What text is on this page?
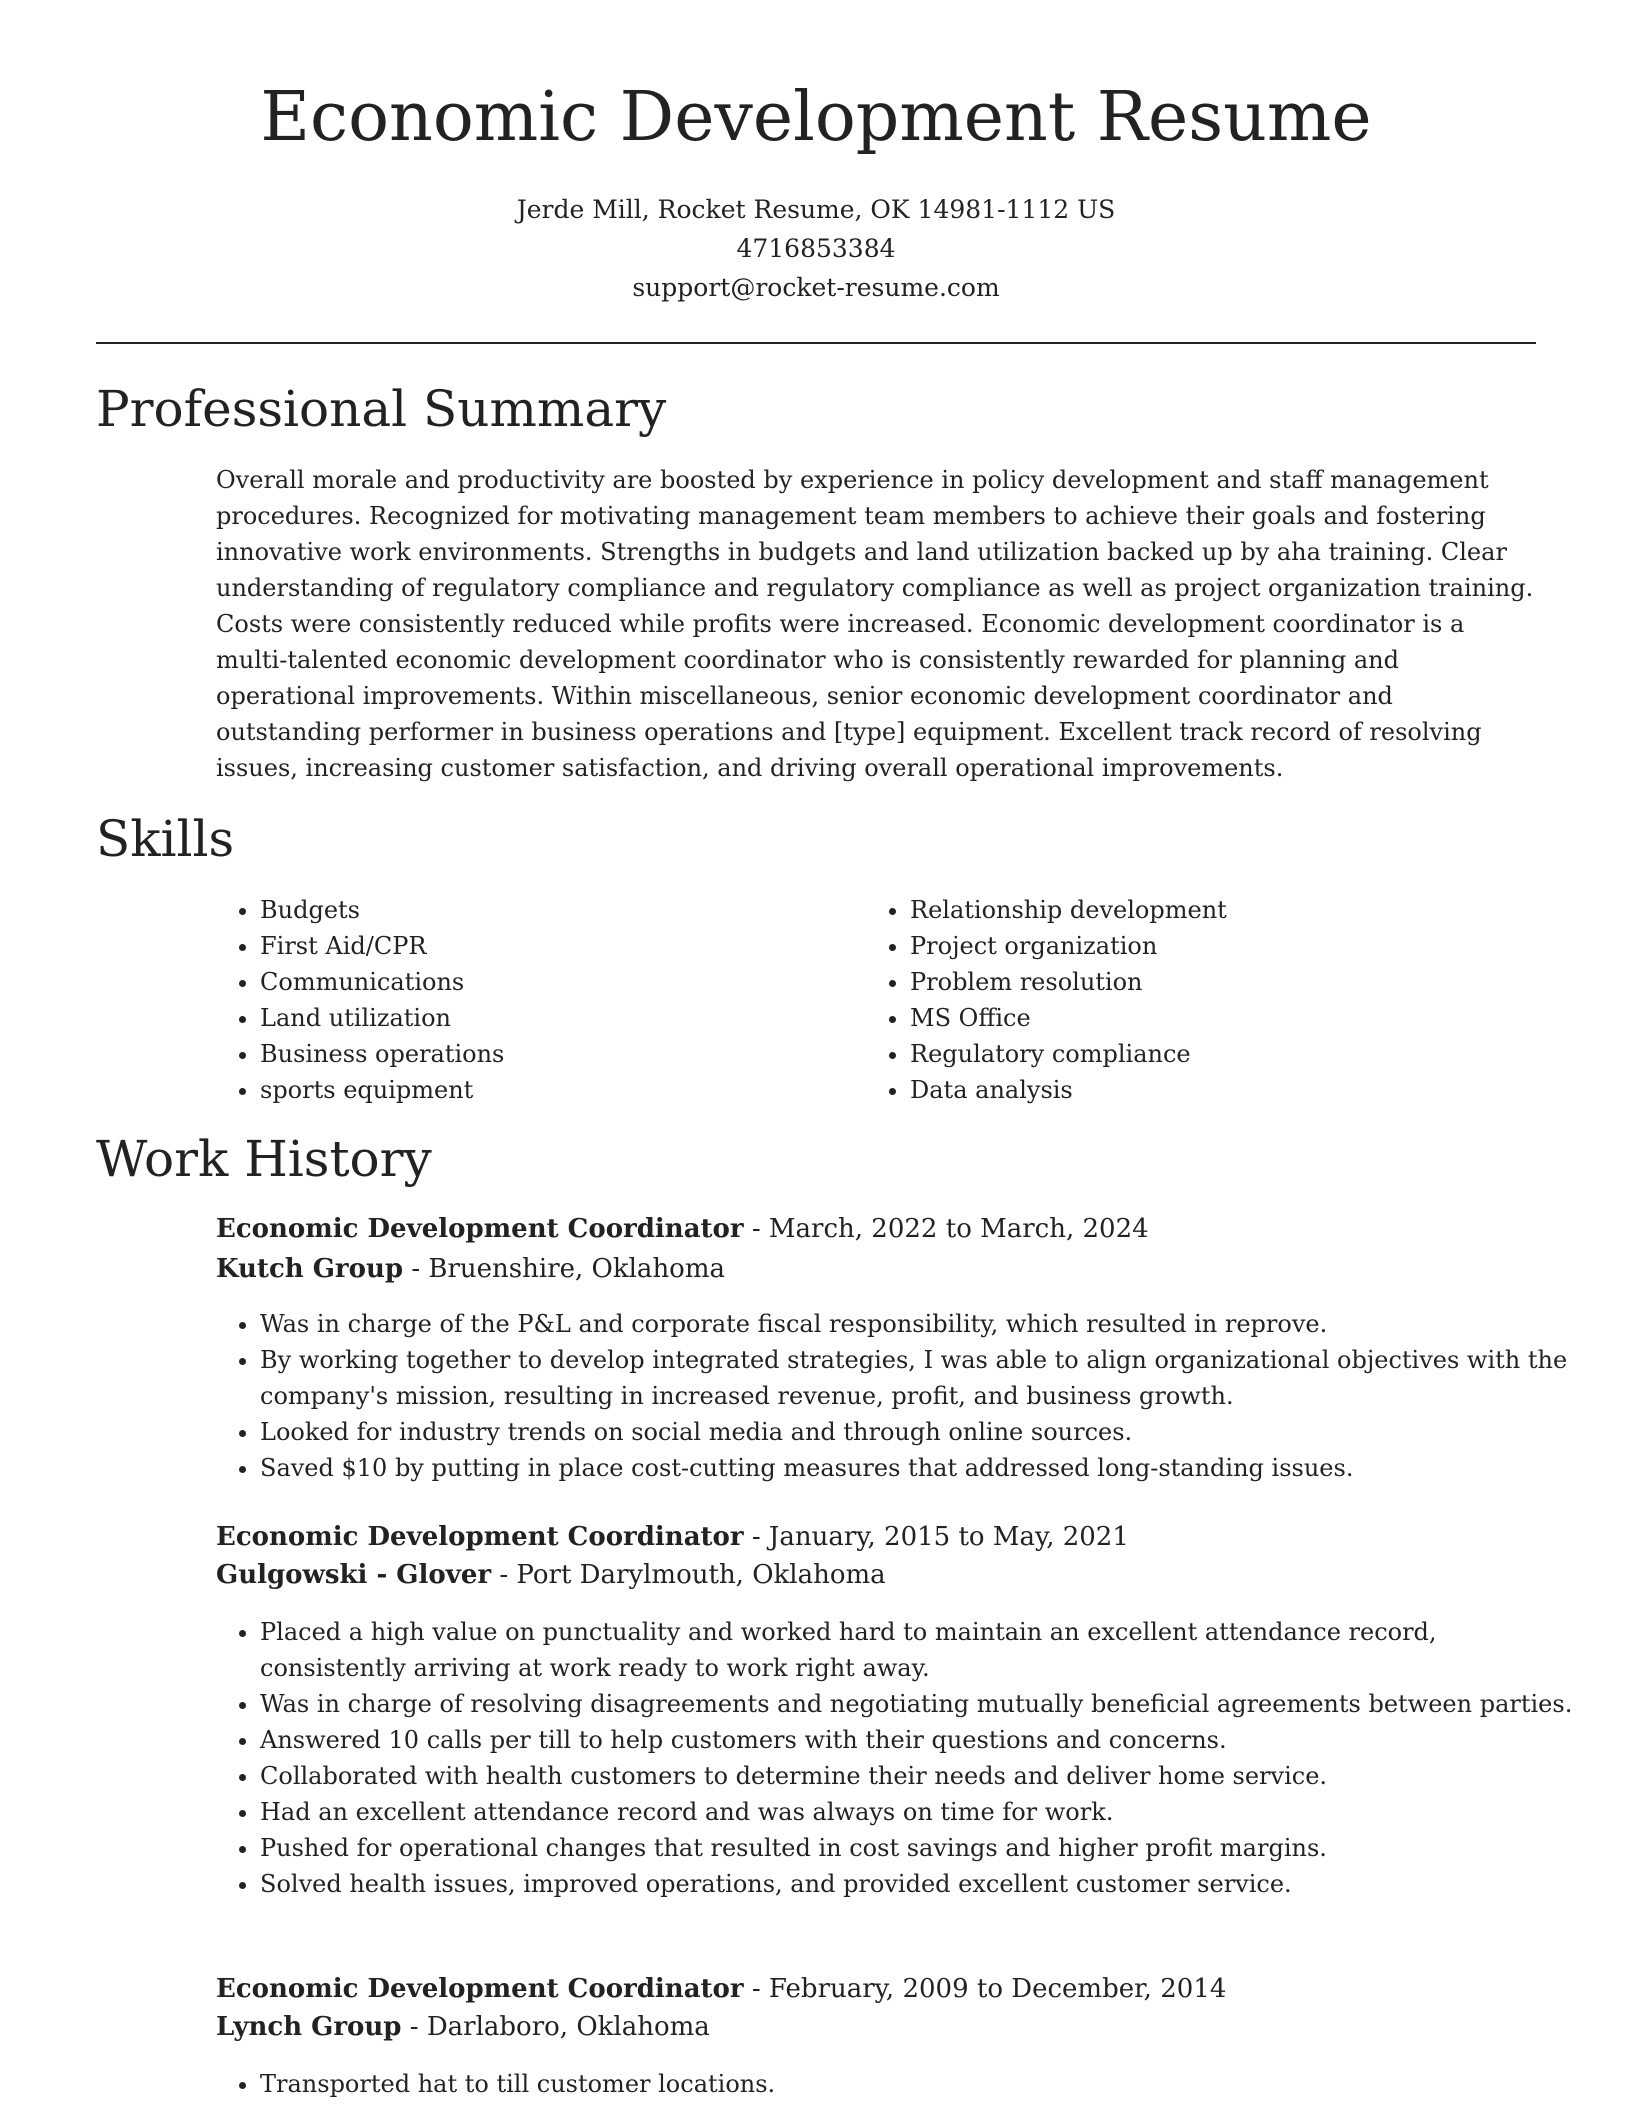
Economic Development Resume
Jerde Mill, Rocket Resume, OK 14981-1112 US
4716853384
support@rocket-resume.com
Professional Summary

Overall morale and productivity are boosted by experience in policy development and staff management procedures. Recognized for motivating management team members to achieve their goals and fostering innovative work environments. Strengths in budgets and land utilization backed up by aha training. Clear understanding of regulatory compliance and regulatory compliance as well as project organization training. Costs were consistently reduced while profits were increased. Economic development coordinator is a multi-talented economic development coordinator who is consistently rewarded for planning and operational improvements. Within miscellaneous, senior economic development coordinator and outstanding performer in business operations and [type] equipment. Excellent track record of resolving issues, increasing customer satisfaction, and driving overall operational improvements.

Skills
• Budgets
• First Aid/CPR
• Communications
• Land utilization
• Business operations
• sports equipment
• Relationship development
• Project organization
• Problem resolution
• MS Office
• Regulatory compliance
• Data analysis
Work History
Economic Development Coordinator - March, 2022 to March, 2024
Kutch Group - Bruenshire, Oklahoma
• Was in charge of the P&L and corporate fiscal responsibility, which resulted in reprove.
• By working together to develop integrated strategies, I was able to align organizational objectives with the company's mission, resulting in increased revenue, profit, and business growth.
• Looked for industry trends on social media and through online sources.
• Saved $10 by putting in place cost-cutting measures that addressed long-standing issues.
Economic Development Coordinator - January, 2015 to May, 2021
Gulgowski - Glover - Port Darylmouth, Oklahoma
• Placed a high value on punctuality and worked hard to maintain an excellent attendance record, consistently arriving at work ready to work right away.
• Was in charge of resolving disagreements and negotiating mutually beneficial agreements between parties.
• Answered 10 calls per till to help customers with their questions and concerns.
• Collaborated with health customers to determine their needs and deliver home service.
• Had an excellent attendance record and was always on time for work.
• Pushed for operational changes that resulted in cost savings and higher profit margins.
• Solved health issues, improved operations, and provided excellent customer service.
Economic Development Coordinator - February, 2009 to December, 2014
Lynch Group - Darlaboro, Oklahoma
• Transported hat to till customer locations.
